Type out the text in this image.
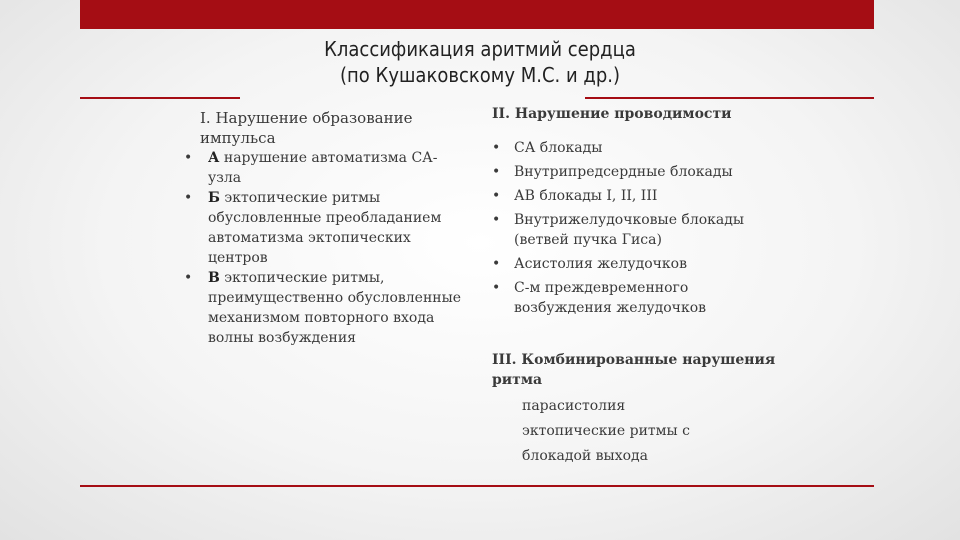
Классификация аритмий сердца
(по Кушаковскому М.С. и др.)
I. Нарушение образование
импульса
• А нарушение автоматизма СА-узла
• Б эктопические ритмы обусловленные преобладанием автоматизма эктопических центров
• В эктопические ритмы, преимущественно обусловленные механизмом повторного входа волны возбуждения
II. Нарушение проводимости
• СА блокады
• Внутрипредсердные блокады
• АВ блокады I, II, III
• Внутрижелудочковые блокады (ветвей пучка Гиса)
• Асистолия желудочков
• С-м преждевременного возбуждения желудочков
III. Комбинированные нарушения ритма
парасистолия
эктопические ритмы с
блокадой выхода
